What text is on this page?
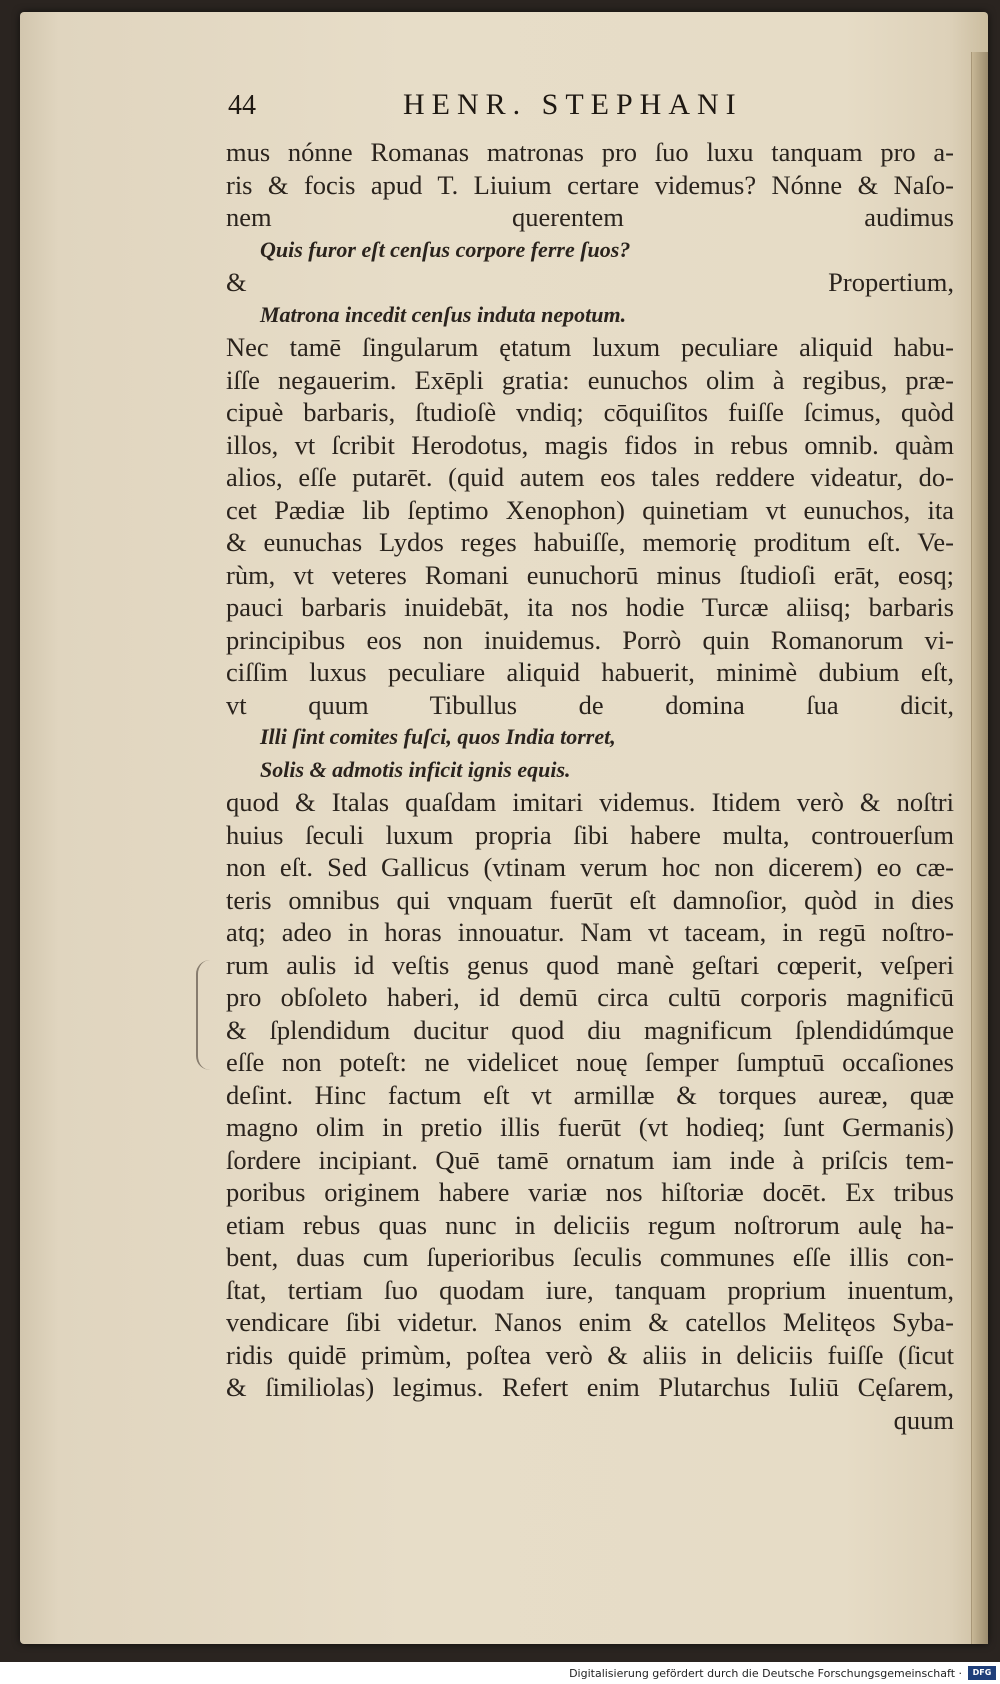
44	HENR. STEPHANI
mus nónne Romanas matronas pro ſuo luxu tanquam pro a-
ris & focis apud T. Liuium certare videmus? Nónne & Naſo-
nem querentem audimus
Quis furor eſt cenſus corpore ferre ſuos?
& Propertium,
Matrona incedit cenſus induta nepotum.
Nec tamē ſingularum ętatum luxum peculiare aliquid habu-
iſſe negauerim. Exēpli gratia: eunuchos olim à regibus, præ-
cipuè barbaris, ſtudioſè vndiq; cōquiſitos fuiſſe ſcimus, quòd
illos, vt ſcribit Herodotus, magis fidos in rebus omnib. quàm
alios, eſſe putarēt. (quid autem eos tales reddere videatur, do-
cet Pædiæ lib ſeptimo Xenophon) quinetiam vt eunuchos, ita
& eunuchas Lydos reges habuiſſe, memorię proditum eſt. Ve-
rùm, vt veteres Romani eunuchorū minus ſtudioſi erāt, eosq;
pauci barbaris inuidebāt, ita nos hodie Turcæ aliisq; barbaris
principibus eos non inuidemus. Porrò quin Romanorum vi-
ciſſim luxus peculiare aliquid habuerit, minimè dubium eſt,
vt quum Tibullus de domina ſua dicit,
Illi ſint comites fuſci, quos India torret,
Solis & admotis inficit ignis equis.
quod & Italas quaſdam imitari videmus. Itidem verò & noſtri
huius ſeculi luxum propria ſibi habere multa, controuerſum
non eſt. Sed Gallicus (vtinam verum hoc non dicerem) eo cæ-
teris omnibus qui vnquam fuerūt eſt damnoſior, quòd in dies
atq; adeo in horas innouatur. Nam vt taceam, in regū noſtro-
rum aulis id veſtis genus quod manè geſtari cœperit, veſperi
pro obſoleto haberi, id demū circa cultū corporis magnificū
& ſplendidum ducitur quod diu magnificum ſplendidúmque
eſſe non poteſt: ne videlicet nouę ſemper ſumptuū occaſiones
deſint. Hinc factum eſt vt armillæ & torques aureæ, quæ
magno olim in pretio illis fuerūt (vt hodieq; ſunt Germanis)
ſordere incipiant. Quē tamē ornatum iam inde à priſcis tem-
poribus originem habere variæ nos hiſtoriæ docēt. Ex tribus
etiam rebus quas nunc in deliciis regum noſtrorum aulę ha-
bent, duas cum ſuperioribus ſeculis communes eſſe illis con-
ſtat, tertiam ſuo quodam iure, tanquam proprium inuentum,
vendicare ſibi videtur. Nanos enim & catellos Melitęos Syba-
ridis quidē primùm, poſtea verò & aliis in deliciis fuiſſe (ſicut
& ſimiliolas) legimus. Refert enim Plutarchus Iuliū Cęſarem,
quum
Digitalisierung gefördert durch die Deutsche Forschungsgemeinschaft ·	DFG
